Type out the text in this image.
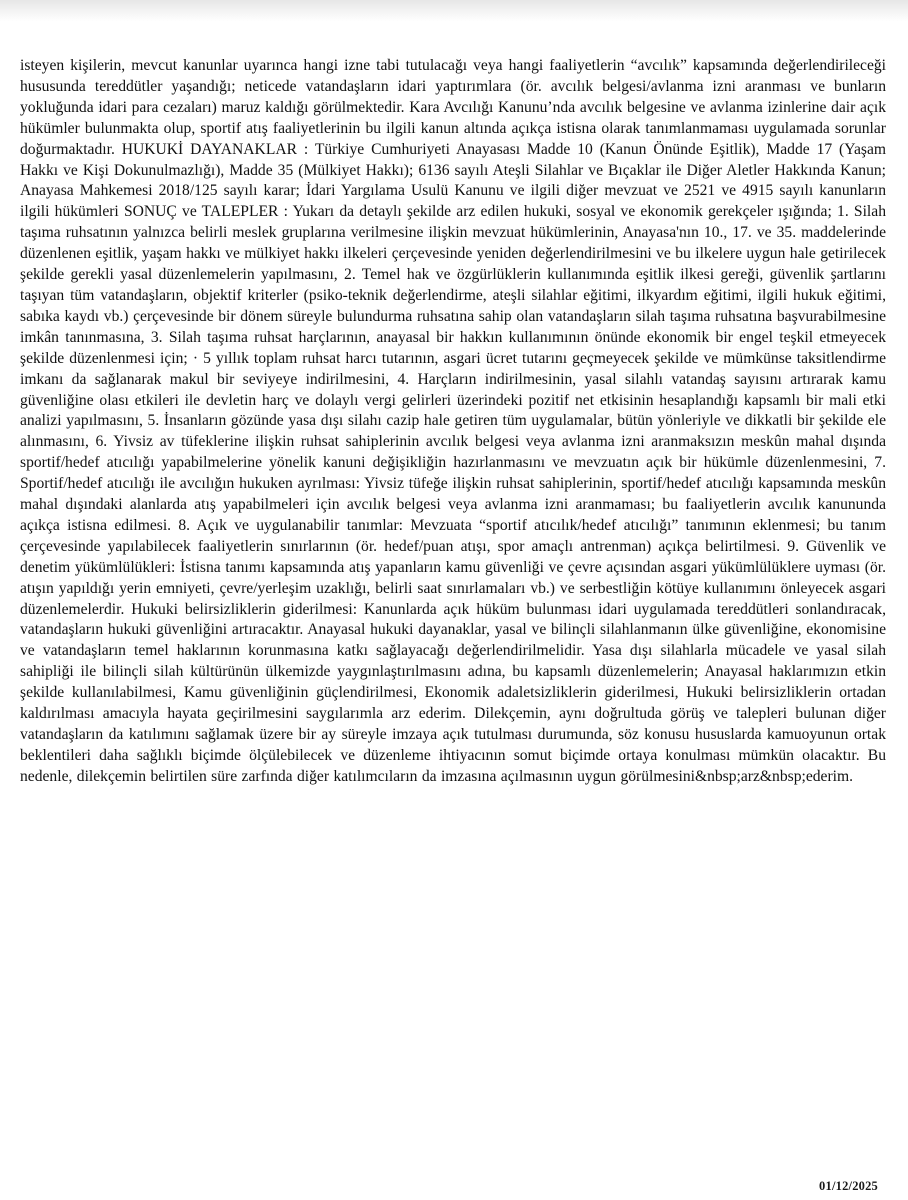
isteyen kişilerin, mevcut kanunlar uyarınca hangi izne tabi tutulacağı veya hangi faaliyetlerin “avcılık” kapsamında değerlendirileceği hususunda tereddütler yaşandığı; neticede vatandaşların idari yaptırımlara (ör. avcılık belgesi/avlanma izni aranması ve bunların yokluğunda idari para cezaları) maruz kaldığı görülmektedir. Kara Avcılığı Kanunu’nda avcılık belgesine ve avlanma izinlerine dair açık hükümler bulunmakta olup, sportif atış faaliyetlerinin bu ilgili kanun altında açıkça istisna olarak tanımlanmaması uygulamada sorunlar doğurmaktadır. HUKUKİ DAYANAKLAR : Türkiye Cumhuriyeti Anayasası Madde 10 (Kanun Önünde Eşitlik), Madde 17 (Yaşam Hakkı ve Kişi Dokunulmazlığı), Madde 35 (Mülkiyet Hakkı); 6136 sayılı Ateşli Silahlar ve Bıçaklar ile Diğer Aletler Hakkında Kanun; Anayasa Mahkemesi 2018/125 sayılı karar; İdari Yargılama Usulü Kanunu ve ilgili diğer mevzuat ve 2521 ve 4915 sayılı kanunların ilgili hükümleri SONUÇ ve TALEPLER : Yukarı da detaylı şekilde arz edilen hukuki, sosyal ve ekonomik gerekçeler ışığında; 1. Silah taşıma ruhsatının yalnızca belirli meslek gruplarına verilmesine ilişkin mevzuat hükümlerinin, Anayasa'nın 10., 17. ve 35. maddelerinde düzenlenen eşitlik, yaşam hakkı ve mülkiyet hakkı ilkeleri çerçevesinde yeniden değerlendirilmesini ve bu ilkelere uygun hale getirilecek şekilde gerekli yasal düzenlemelerin yapılmasını, 2. Temel hak ve özgürlüklerin kullanımında eşitlik ilkesi gereği, güvenlik şartlarını taşıyan tüm vatandaşların, objektif kriterler (psiko-teknik değerlendirme, ateşli silahlar eğitimi, ilkyardım eğitimi, ilgili hukuk eğitimi, sabıka kaydı vb.) çerçevesinde bir dönem süreyle bulundurma ruhsatına sahip olan vatandaşların silah taşıma ruhsatına başvurabilmesine imkân tanınmasına, 3. Silah taşıma ruhsat harçlarının, anayasal bir hakkın kullanımının önünde ekonomik bir engel teşkil etmeyecek şekilde düzenlenmesi için; · 5 yıllık toplam ruhsat harcı tutarının, asgari ücret tutarını geçmeyecek şekilde ve mümkünse taksitlendirme imkanı da sağlanarak makul bir seviyeye indirilmesini, 4. Harçların indirilmesinin, yasal silahlı vatandaş sayısını artırarak kamu güvenliğine olası etkileri ile devletin harç ve dolaylı vergi gelirleri üzerindeki pozitif net etkisinin hesaplandığı kapsamlı bir mali etki analizi yapılmasını, 5. İnsanların gözünde yasa dışı silahı cazip hale getiren tüm uygulamalar, bütün yönleriyle ve dikkatli bir şekilde ele alınmasını, 6. Yivsiz av tüfeklerine ilişkin ruhsat sahiplerinin avcılık belgesi veya avlanma izni aranmaksızın meskûn mahal dışında sportif/hedef atıcılığı yapabilmelerine yönelik kanuni değişikliğin hazırlanmasını ve mevzuatın açık bir hükümle düzenlenmesini, 7. Sportif/hedef atıcılığı ile avcılığın hukuken ayrılması: Yivsiz tüfeğe ilişkin ruhsat sahiplerinin, sportif/hedef atıcılığı kapsamında meskûn mahal dışındaki alanlarda atış yapabilmeleri için avcılık belgesi veya avlanma izni aranmaması; bu faaliyetlerin avcılık kanununda açıkça istisna edilmesi. 8. Açık ve uygulanabilir tanımlar: Mevzuata “sportif atıcılık/hedef atıcılığı” tanımının eklenmesi; bu tanım çerçevesinde yapılabilecek faaliyetlerin sınırlarının (ör. hedef/puan atışı, spor amaçlı antrenman) açıkça belirtilmesi. 9. Güvenlik ve denetim yükümlülükleri: İstisna tanımı kapsamında atış yapanların kamu güvenliği ve çevre açısından asgari yükümlülüklere uyması (ör. atışın yapıldığı yerin emniyeti, çevre/yerleşim uzaklığı, belirli saat sınırlamaları vb.) ve serbestliğin kötüye kullanımını önleyecek asgari düzenlemelerdir. Hukuki belirsizliklerin giderilmesi: Kanunlarda açık hüküm bulunması idari uygulamada tereddütleri sonlandıracak, vatandaşların hukuki güvenliğini artıracaktır. Anayasal hukuki dayanaklar, yasal ve bilinçli silahlanmanın ülke güvenliğine, ekonomisine ve vatandaşların temel haklarının korunmasına katkı sağlayacağı değerlendirilmelidir. Yasa dışı silahlarla mücadele ve yasal silah sahipliği ile bilinçli silah kültürünün ülkemizde yaygınlaştırılmasını adına, bu kapsamlı düzenlemelerin; Anayasal haklarımızın etkin şekilde kullanılabilmesi, Kamu güvenliğinin güçlendirilmesi, Ekonomik adaletsizliklerin giderilmesi, Hukuki belirsizliklerin ortadan kaldırılması amacıyla hayata geçirilmesini saygılarımla arz ederim. Dilekçemin, aynı doğrultuda görüş ve talepleri bulunan diğer vatandaşların da katılımını sağlamak üzere bir ay süreyle imzaya açık tutulması durumunda, söz konusu hususlarda kamuoyunun ortak beklentileri daha sağlıklı biçimde ölçülebilecek ve düzenleme ihtiyacının somut biçimde ortaya konulması mümkün olacaktır. Bu nedenle, dilekçemin belirtilen süre zarfında diğer katılımcıların da imzasına açılmasının uygun görülmesini&nbsp;arz&nbsp;ederim.

01/12/2025
